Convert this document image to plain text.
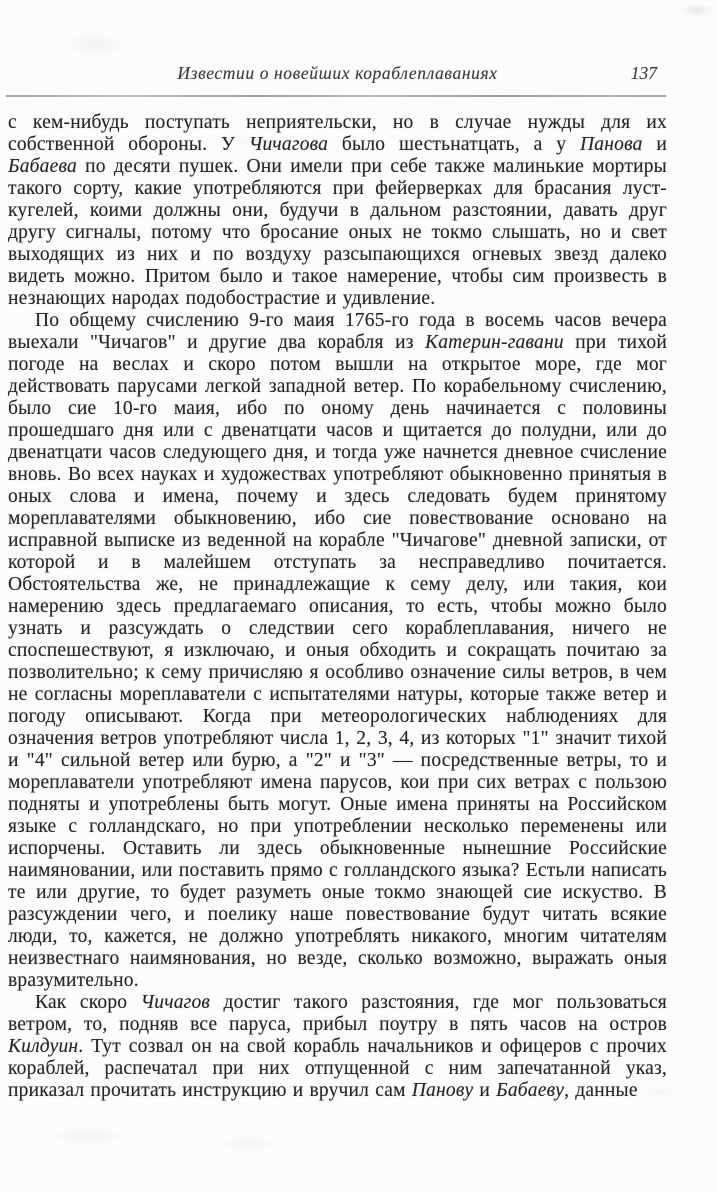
Известии о новейших кораблеплаваниях	137

с кем-нибудь поступать неприятельски, но в случае нужды для их собственной обороны. У Чичагова было шестьнатцать, а у Панова и Бабаева по десяти пушек. Они имели при себе также малинькие мортиры такого сорту, какие употребляются при фейерверках для брасания луст-кугелей, коими должны они, будучи в дальном разстоянии, давать друг другу сигналы, потому что бросание оных не токмо слышать, но и свет выходящих из них и по воздуху разсыпающихся огневых звезд далеко видеть можно. Притом было и такое намерение, чтобы сим произвесть в незнающих народах подобострастие и удивление.

По общему счислению 9-го маия 1765-го года в восемь часов вечера выехали "Чичагов" и другие два корабля из Катерин-гавани при тихой погоде на веслах и скоро потом вышли на открытое море, где мог действовать парусами легкой западной ветер. По корабельному счислению, было сие 10-го маия, ибо по оному день начинается с половины прошедшаго дня или с двенатцати часов и щитается до полудни, или до двенатцати часов следующего дня, и тогда уже начнется дневное счисление вновь. Во всех науках и художествах употребляют обыкновенно принятыя в оных слова и имена, почему и здесь следовать будем принятому мореплавателями обыкновению, ибо сие повествование основано на исправной выписке из веденной на корабле "Чичагове" дневной записки, от которой и в малейшем отступать за несправедливо почитается. Обстоятельства же, не принадлежащие к сему делу, или такия, кои намерению здесь предлагаемаго описания, то есть, чтобы можно было узнать и разсуждать о следствии сего кораблеплавания, ничего не споспешествуют, я изключаю, и оныя обходить и сокращать почитаю за позволительно; к сему причисляю я особливо означение силы ветров, в чем не согласны мореплаватели с испытателями натуры, которые также ветер и погоду описывают. Когда при метеорологических наблюдениях для означения ветров употребляют числа 1, 2, 3, 4, из которых "1" значит тихой и "4" сильной ветер или бурю, а "2" и "3" — посредственные ветры, то и мореплаватели употребляют имена парусов, кои при сих ветрах с пользою подняты и употреблены быть могут. Оные имена приняты на Российском языке с голландскаго, но при употреблении несколько переменены или испорчены. Оставить ли здесь обыкновенные нынешние Российские наимяновании, или поставить прямо с голландского языка? Естьли написать те или другие, то будет разуметь оные токмо знающей сие искуство. В разсуждении чего, и поелику наше повествование будут читать всякие люди, то, кажется, не должно употреблять никакого, многим читателям неизвестнаго наимянования, но везде, сколько возможно, выражать оныя вразумительно.

Как скоро Чичагов достиг такого разстояния, где мог пользоваться ветром, то, подняв все паруса, прибыл поутру в пять часов на остров Килдуин. Тут созвал он на свой корабль начальников и офицеров с прочих кораблей, распечатал при них отпущенной с ним запечатанной указ, приказал прочитать инструкцию и вручил сам Панову и Бабаеву, данные
